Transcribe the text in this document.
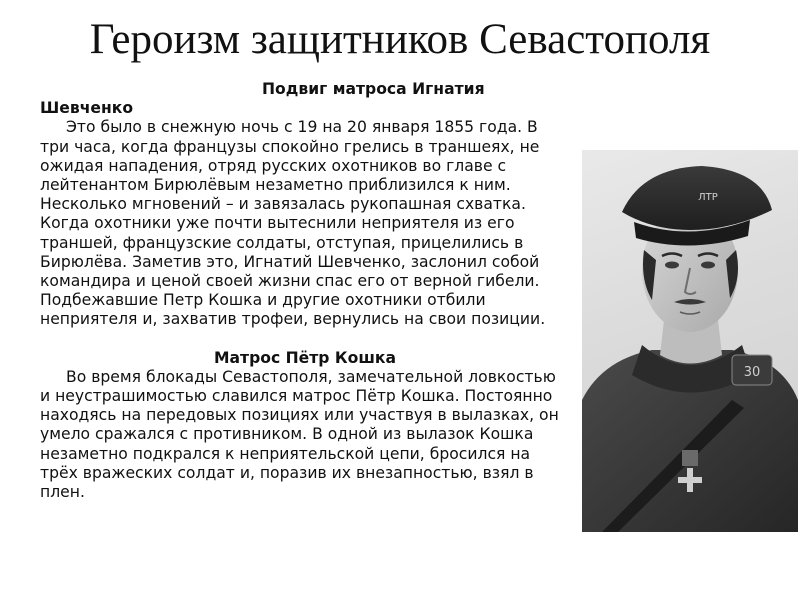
Героизм защитников Севастополя

Подвиг матроса Игнатия
Шевченко

Это было в снежную ночь с 19 на 20 января 1855 года. В три часа, когда французы спокойно грелись в траншеях, не ожидая нападения, отряд русских охотников во главе с лейтенантом Бирюлёвым незаметно приблизился к ним. Несколько мгновений – и завязалась рукопашная схватка. Когда охотники уже почти вытеснили неприятеля из его траншей, французские солдаты, отступая, прицелились в Бирюлёва. Заметив это, Игнатий Шевченко, заслонил собой командира и ценой своей жизни спас его от верной гибели. Подбежавшие Петр Кошка и другие охотники отбили неприятеля и, захватив трофеи, вернулись на свои позиции.

Матрос Пётр Кошка

Во время блокады Севастополя, замечательной ловкостью и неустрашимостью славился матрос Пётр Кошка. Постоянно находясь на передовых позициях или участвуя в вылазках, он умело сражался с противником. В одной из вылазок Кошка незаметно подкрался к неприятельской цепи, бросился на трёх вражеских солдат и, поразив их внезапностью, взял в плен.

30
ЛТР
